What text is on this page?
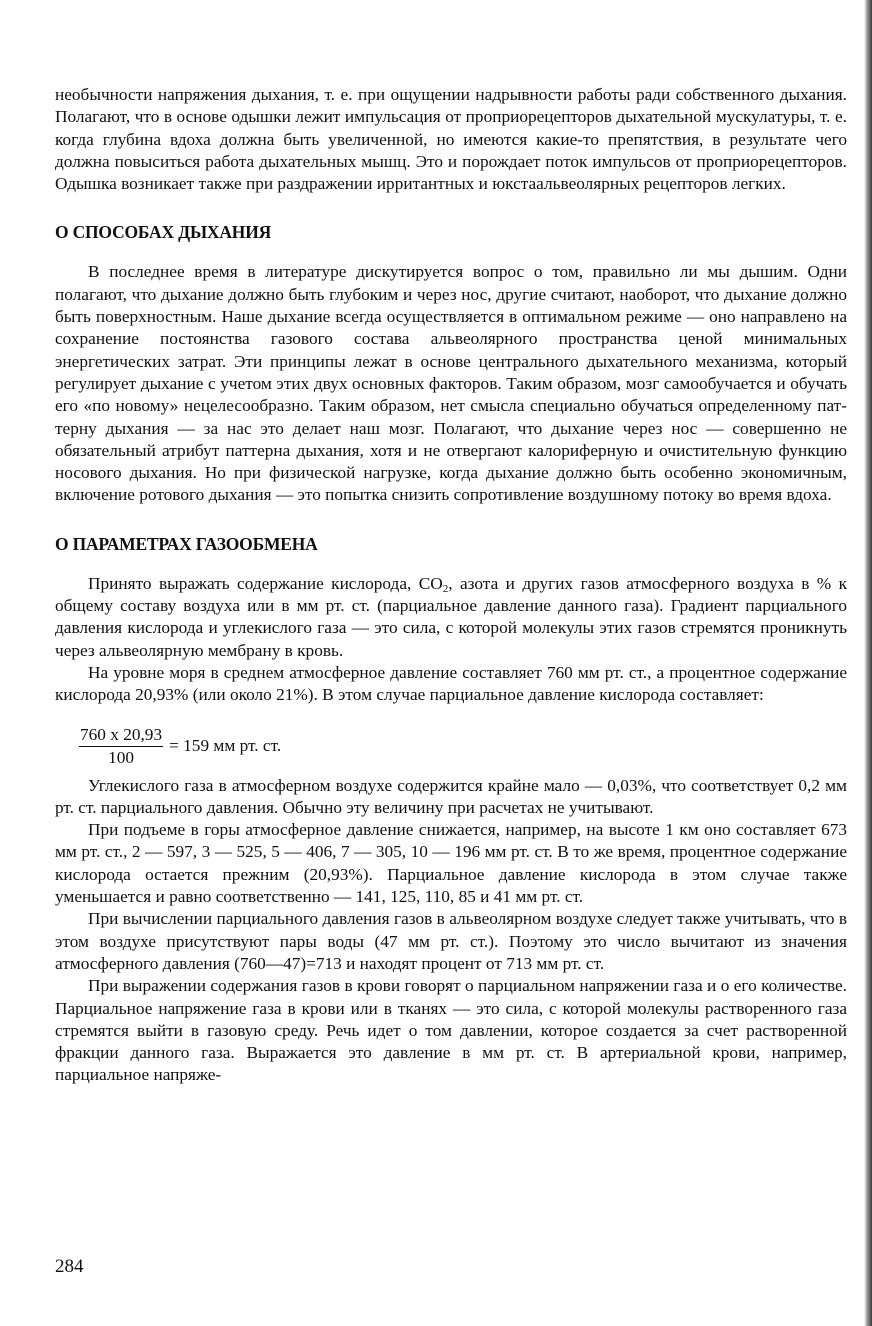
необычности напряжения дыхания, т. е. при ощущении надрывности работы ради собственного дыхания. Полагают, что в основе одышки лежит импульсация от проприорецепторов дыхательной мускулатуры, т. е. когда глубина вдоха должна быть увеличенной, но имеются какие-то препятствия, в результате чего должна повыситься работа дыхательных мышц. Это и порождает поток импульсов от проприорецепторов. Одышка возникает также при раздражении ирритантных и юкстаальвеолярных рецепторов легких.

О СПОСОБАХ ДЫХАНИЯ

В последнее время в литературе дискутируется вопрос о том, правильно ли мы дышим. Одни полагают, что дыхание должно быть глубоким и через нос, другие считают, наоборот, что дыхание должно быть поверхностным. Наше дыхание всегда осуществляется в оптимальном режиме — оно направлено на сохранение постоянства газового состава альвеолярного пространства ценой минимальных энергетических затрат. Эти принципы лежат в основе центрального дыхательного механизма, который регулирует дыхание с учетом этих двух основных факторов. Таким образом, мозг самообучается и обучать его «по новому» нецелесообразно. Таким образом, нет смысла специально обучаться определенному паттерну дыхания — за нас это делает наш мозг. Полагают, что дыхание через нос — совершенно не обязательный атрибут паттерна дыхания, хотя и не отвергают калориферную и очистительную функцию носового дыхания. Но при физической нагрузке, когда дыхание должно быть особенно экономичным, включение ротового дыхания — это попытка снизить сопротивление воздушному потоку во время вдоха.

О ПАРАМЕТРАХ ГАЗООБМЕНА

Принято выражать содержание кислорода, $CO_2$, азота и других газов атмосферного воздуха в % к общему составу воздуха или в мм рт. ст. (парциальное давление данного газа). Градиент парциального давления кислорода и углекислого газа — это сила, с которой молекулы этих газов стремятся проникнуть через альвеолярную мембрану в кровь.

На уровне моря в среднем атмосферное давление составляет 760 мм рт. ст., а процентное содержание кислорода 20,93% (или около 21%). В этом случае парциальное давление кислорода составляет:

$\frac{760 x 20,93}{100} = 159$ мм рт. ст.

Углекислого газа в атмосферном воздухе содержится крайне мало — 0,03%, что соответствует 0,2 мм рт. ст. парциального давления. Обычно эту величину при расчетах не учитывают.

При подъеме в горы атмосферное давление снижается, например, на высоте 1 км оно составляет 673 мм рт. ст., 2 — 597, 3 — 525, 5 — 406, 7 — 305, 10 — 196 мм рт. ст. В то же время, процентное содержание кислорода остается прежним (20,93%). Парциальное давление кислорода в этом случае также уменьшается и равно соответственно — 141, 125, 110, 85 и 41 мм рт. ст.

При вычислении парциального давления газов в альвеолярном воздухе следует также учитывать, что в этом воздухе присутствуют пары воды (47 мм рт. ст.). Поэтому это число вычитают из значения атмосферного давления (760—47)=713 и находят процент от 713 мм рт. ст.

При выражении содержания газов в крови говорят о парциальном напряжении газа и о его количестве. Парциальное напряжение газа в крови или в тканях — это сила, с которой молекулы растворенного газа стремятся выйти в газовую среду. Речь идет о том давлении, которое создается за счет растворенной фракции данного газа. Выражается это давление в мм рт. ст. В артериальной крови, например, парциальное напряже-

284
